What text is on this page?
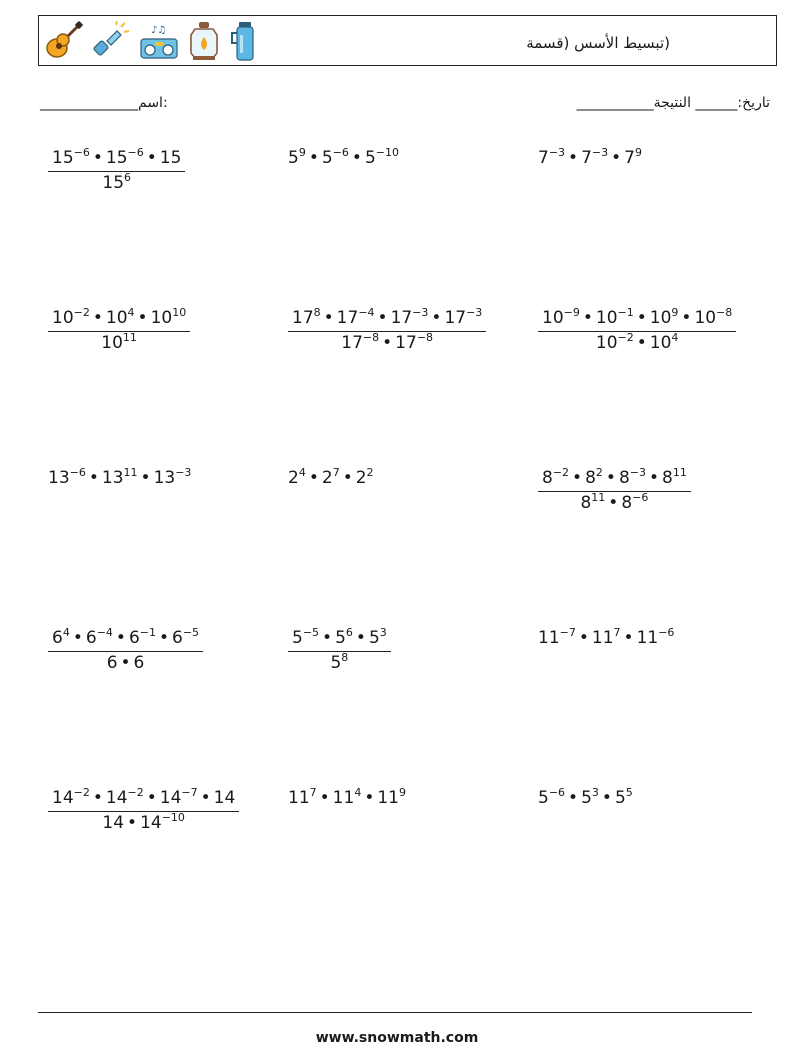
♪♫
(تبسيط الأسس (قسمة
______________اسم:	تاريخ:______ النتيجة___________
$\frac{15^{-6} • 15^{-6} • 15}{15^6}$	$5^9$ • $5^{-6}$ • $5^{-10}$	$7^{-3}$ • $7^{-3}$ • $7^9$
$\frac{10^{-2} • 10^4 • 10^{10}}{10^{11}}$	$\frac{17^8 • 17^{-4} • 17^{-3} • 17^{-3}}{17^{-8} • 17^{-8}}$	$\frac{10^{-9} • 10^{-1} • 10^9 • 10^{-8}}{10^{-2} • 10^4}$
$13^{-6}$ • $13^{11}$ • $13^{-3}$	$2^4$ • $2^7$ • $2^2$	$\frac{8^{-2} • 8^2 • 8^{-3} • 8^{11}}{8^{11} • 8^{-6}}$
$\frac{6^4 • 6^{-4} • 6^{-1} • 6^{-5}}{6 • 6}$	$\frac{5^{-5} • 5^6 • 5^3}{5^8}$	$11^{-7}$ • $11^7$ • $11^{-6}$
$\frac{14^{-2} • 14^{-2} • 14^{-7} • 14}{14 • 14^{-10}}$	$11^7$ • $11^4$ • $11^9$	$5^{-6}$ • $5^3$ • $5^5$
www.snowmath.com
